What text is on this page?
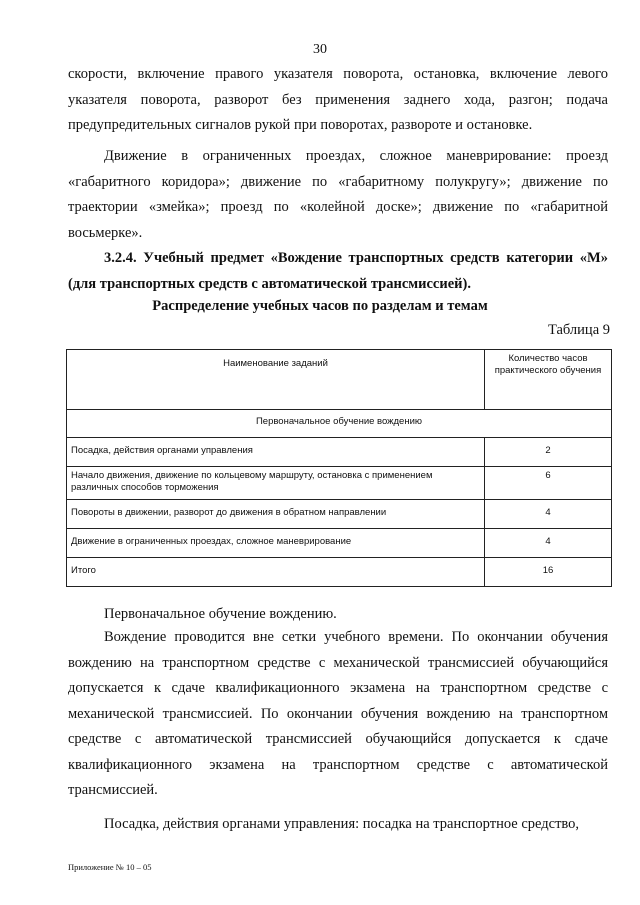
30
скорости, включение правого указателя поворота, остановка, включение левого указателя поворота, разворот без применения заднего хода, разгон; подача предупредительных сигналов рукой при поворотах, развороте и остановке.
Движение в ограниченных проездах, сложное маневрирование: проезд «габаритного коридора»; движение по «габаритному полукругу»; движение по траектории «змейка»; проезд по «колейной доске»; движение по «габаритной восьмерке».
3.2.4. Учебный предмет «Вождение транспортных средств категории «M» (для транспортных средств с автоматической трансмиссией).
Распределение учебных часов по разделам и темам
Таблица 9
Наименование заданий	Количество часов практического обучения
Первоначальное обучение вождению	
Посадка, действия органами управления	2
Начало движения, движение по кольцевому маршруту, остановка с применением различных способов торможения	6
Повороты в движении, разворот до движения в обратном направлении	4
Движение в ограниченных проездах, сложное маневрирование	4
Итого	16
Первоначальное обучение вождению.
Вождение проводится вне сетки учебного времени. По окончании обучения вождению на транспортном средстве с механической трансмиссией обучающийся допускается к сдаче квалификационного экзамена на транспортном средстве с механической трансмиссией. По окончании обучения вождению на транспортном средстве с автоматической трансмиссией обучающийся допускается к сдаче квалификационного экзамена на транспортном средстве с автоматической трансмиссией.
Посадка, действия органами управления: посадка на транспортное средство,
Приложение № 10 – 05
